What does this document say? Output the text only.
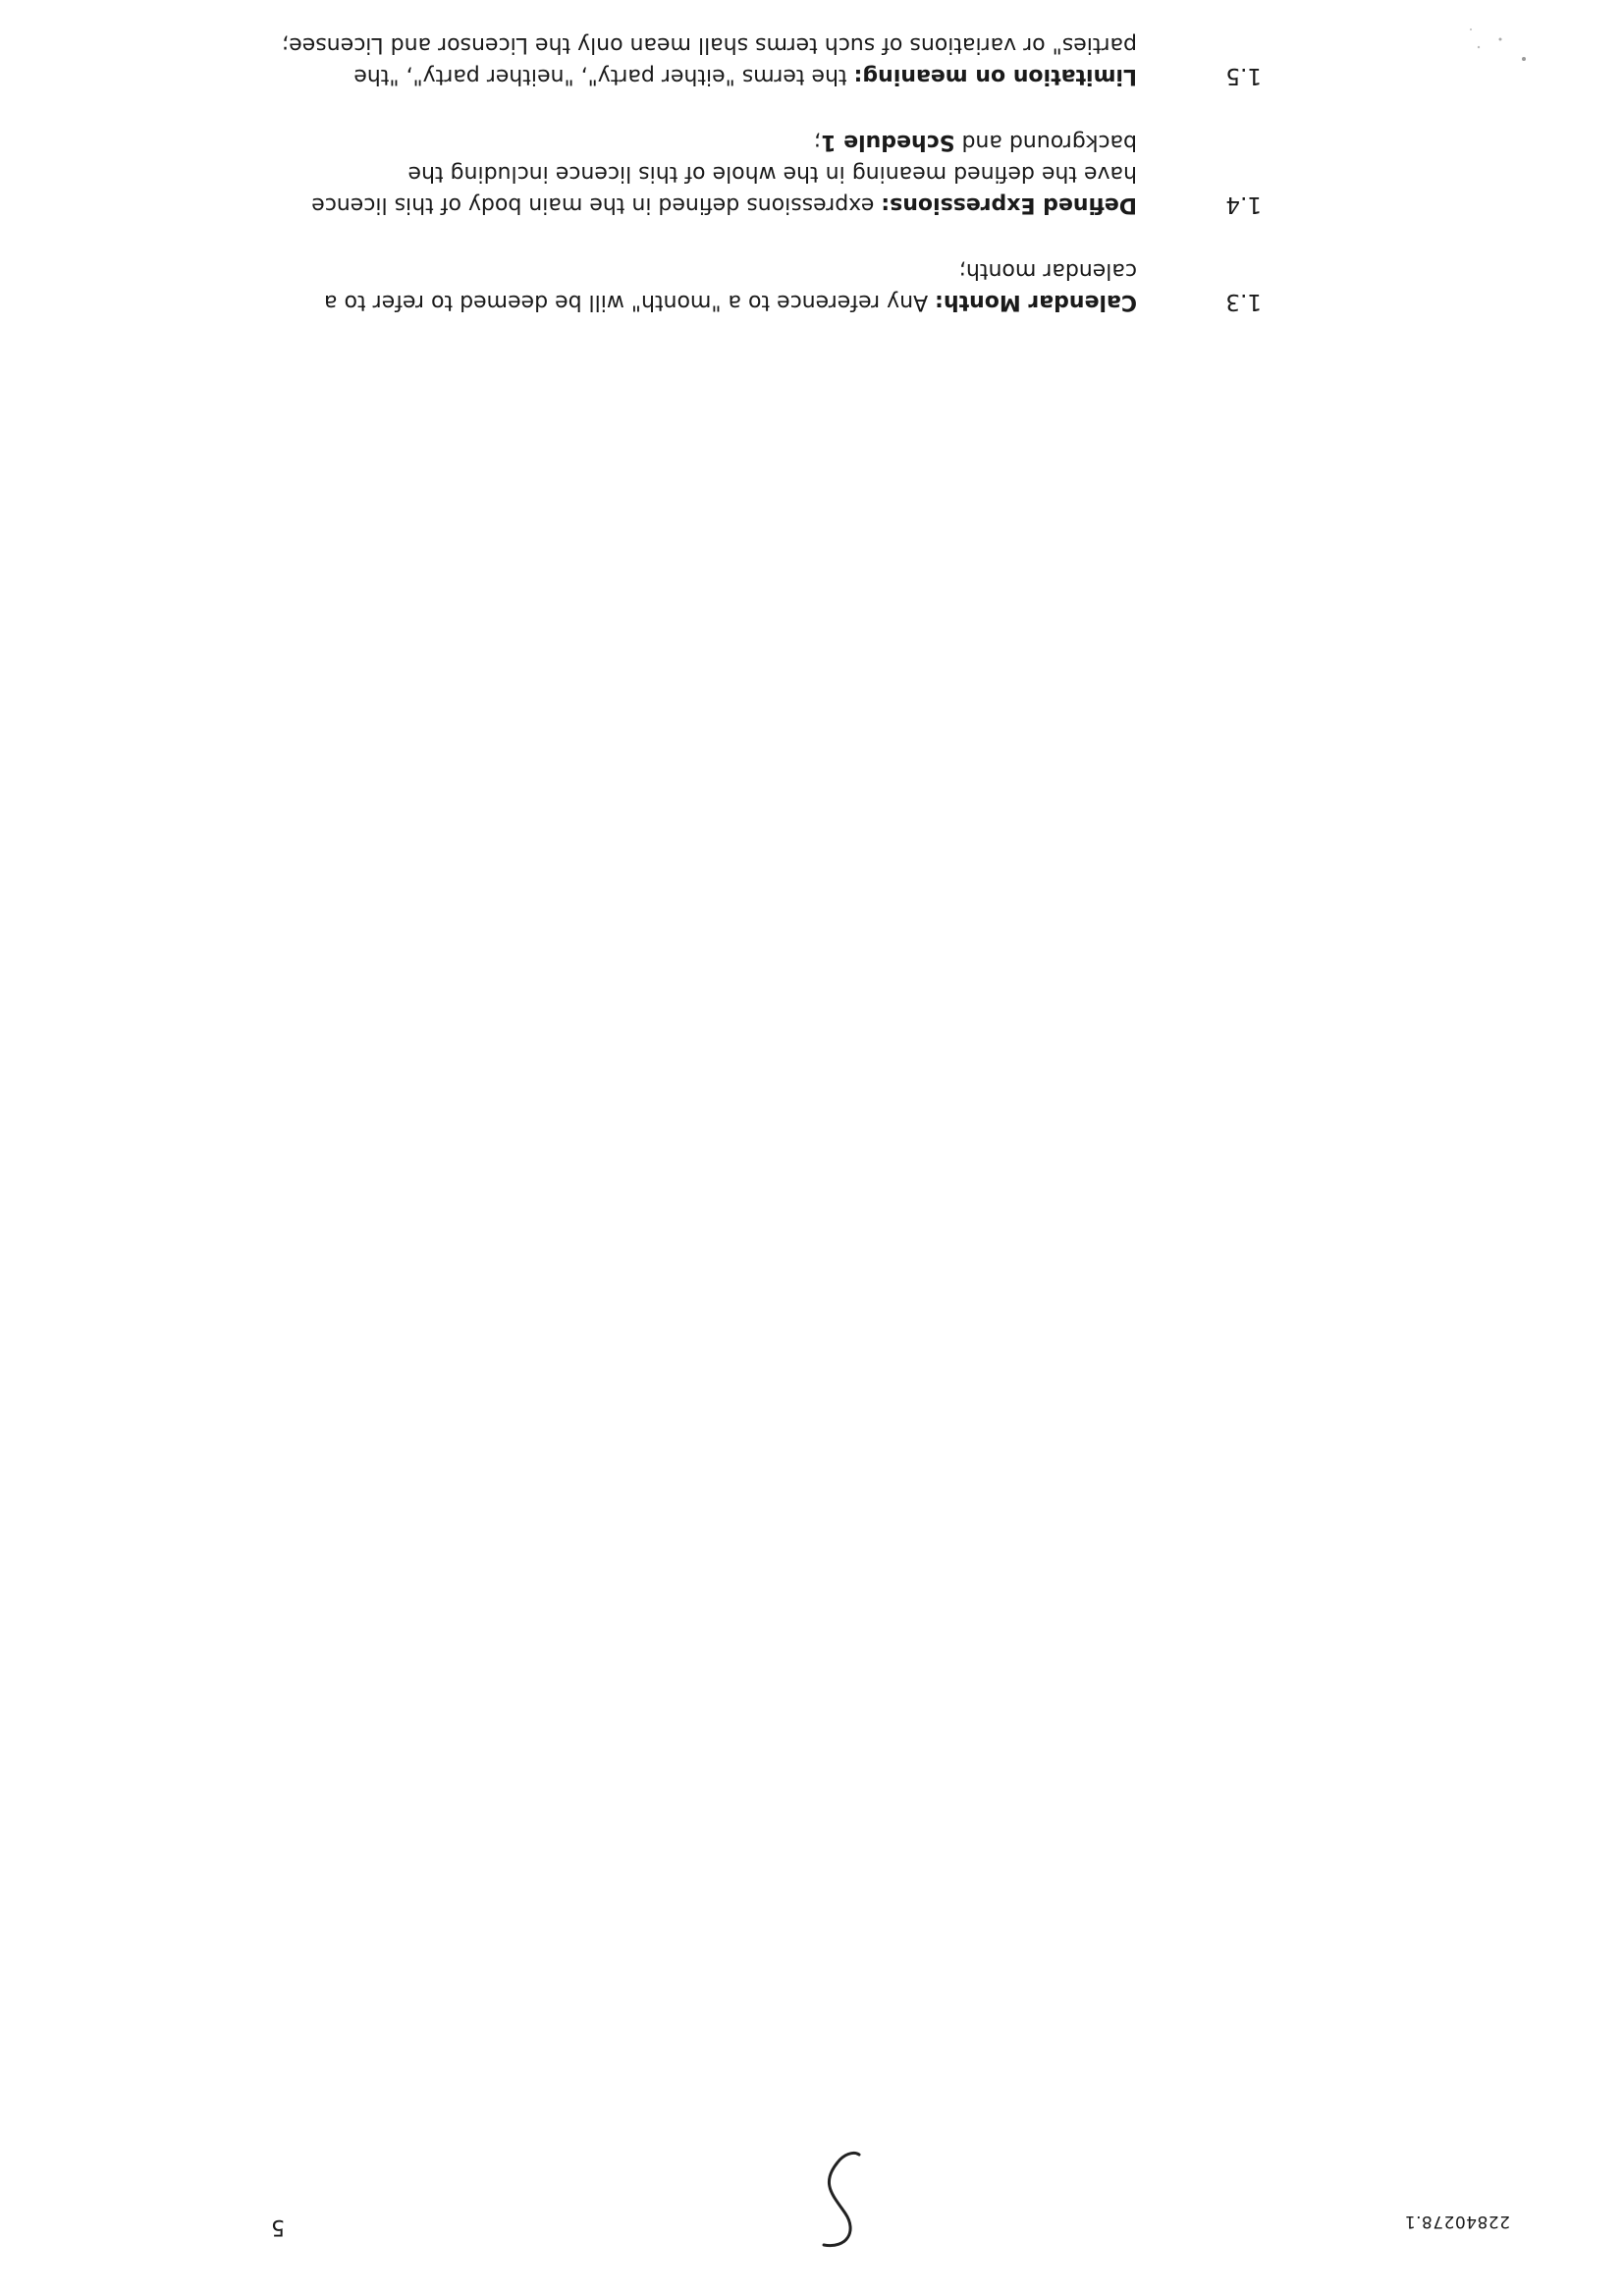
22840278.1
5
1.3
Calendar Month: Any reference to a "month" will be deemed to refer to a calendar month;
1.4
Defined Expressions: expressions defined in the main body of this licence have the defined meaning in the whole of this licence including the background and Schedule 1;
1.5
Limitation on meaning: the terms "either party", "neither party", "the parties" or variations of such terms shall mean only the Licensor and Licensee;
